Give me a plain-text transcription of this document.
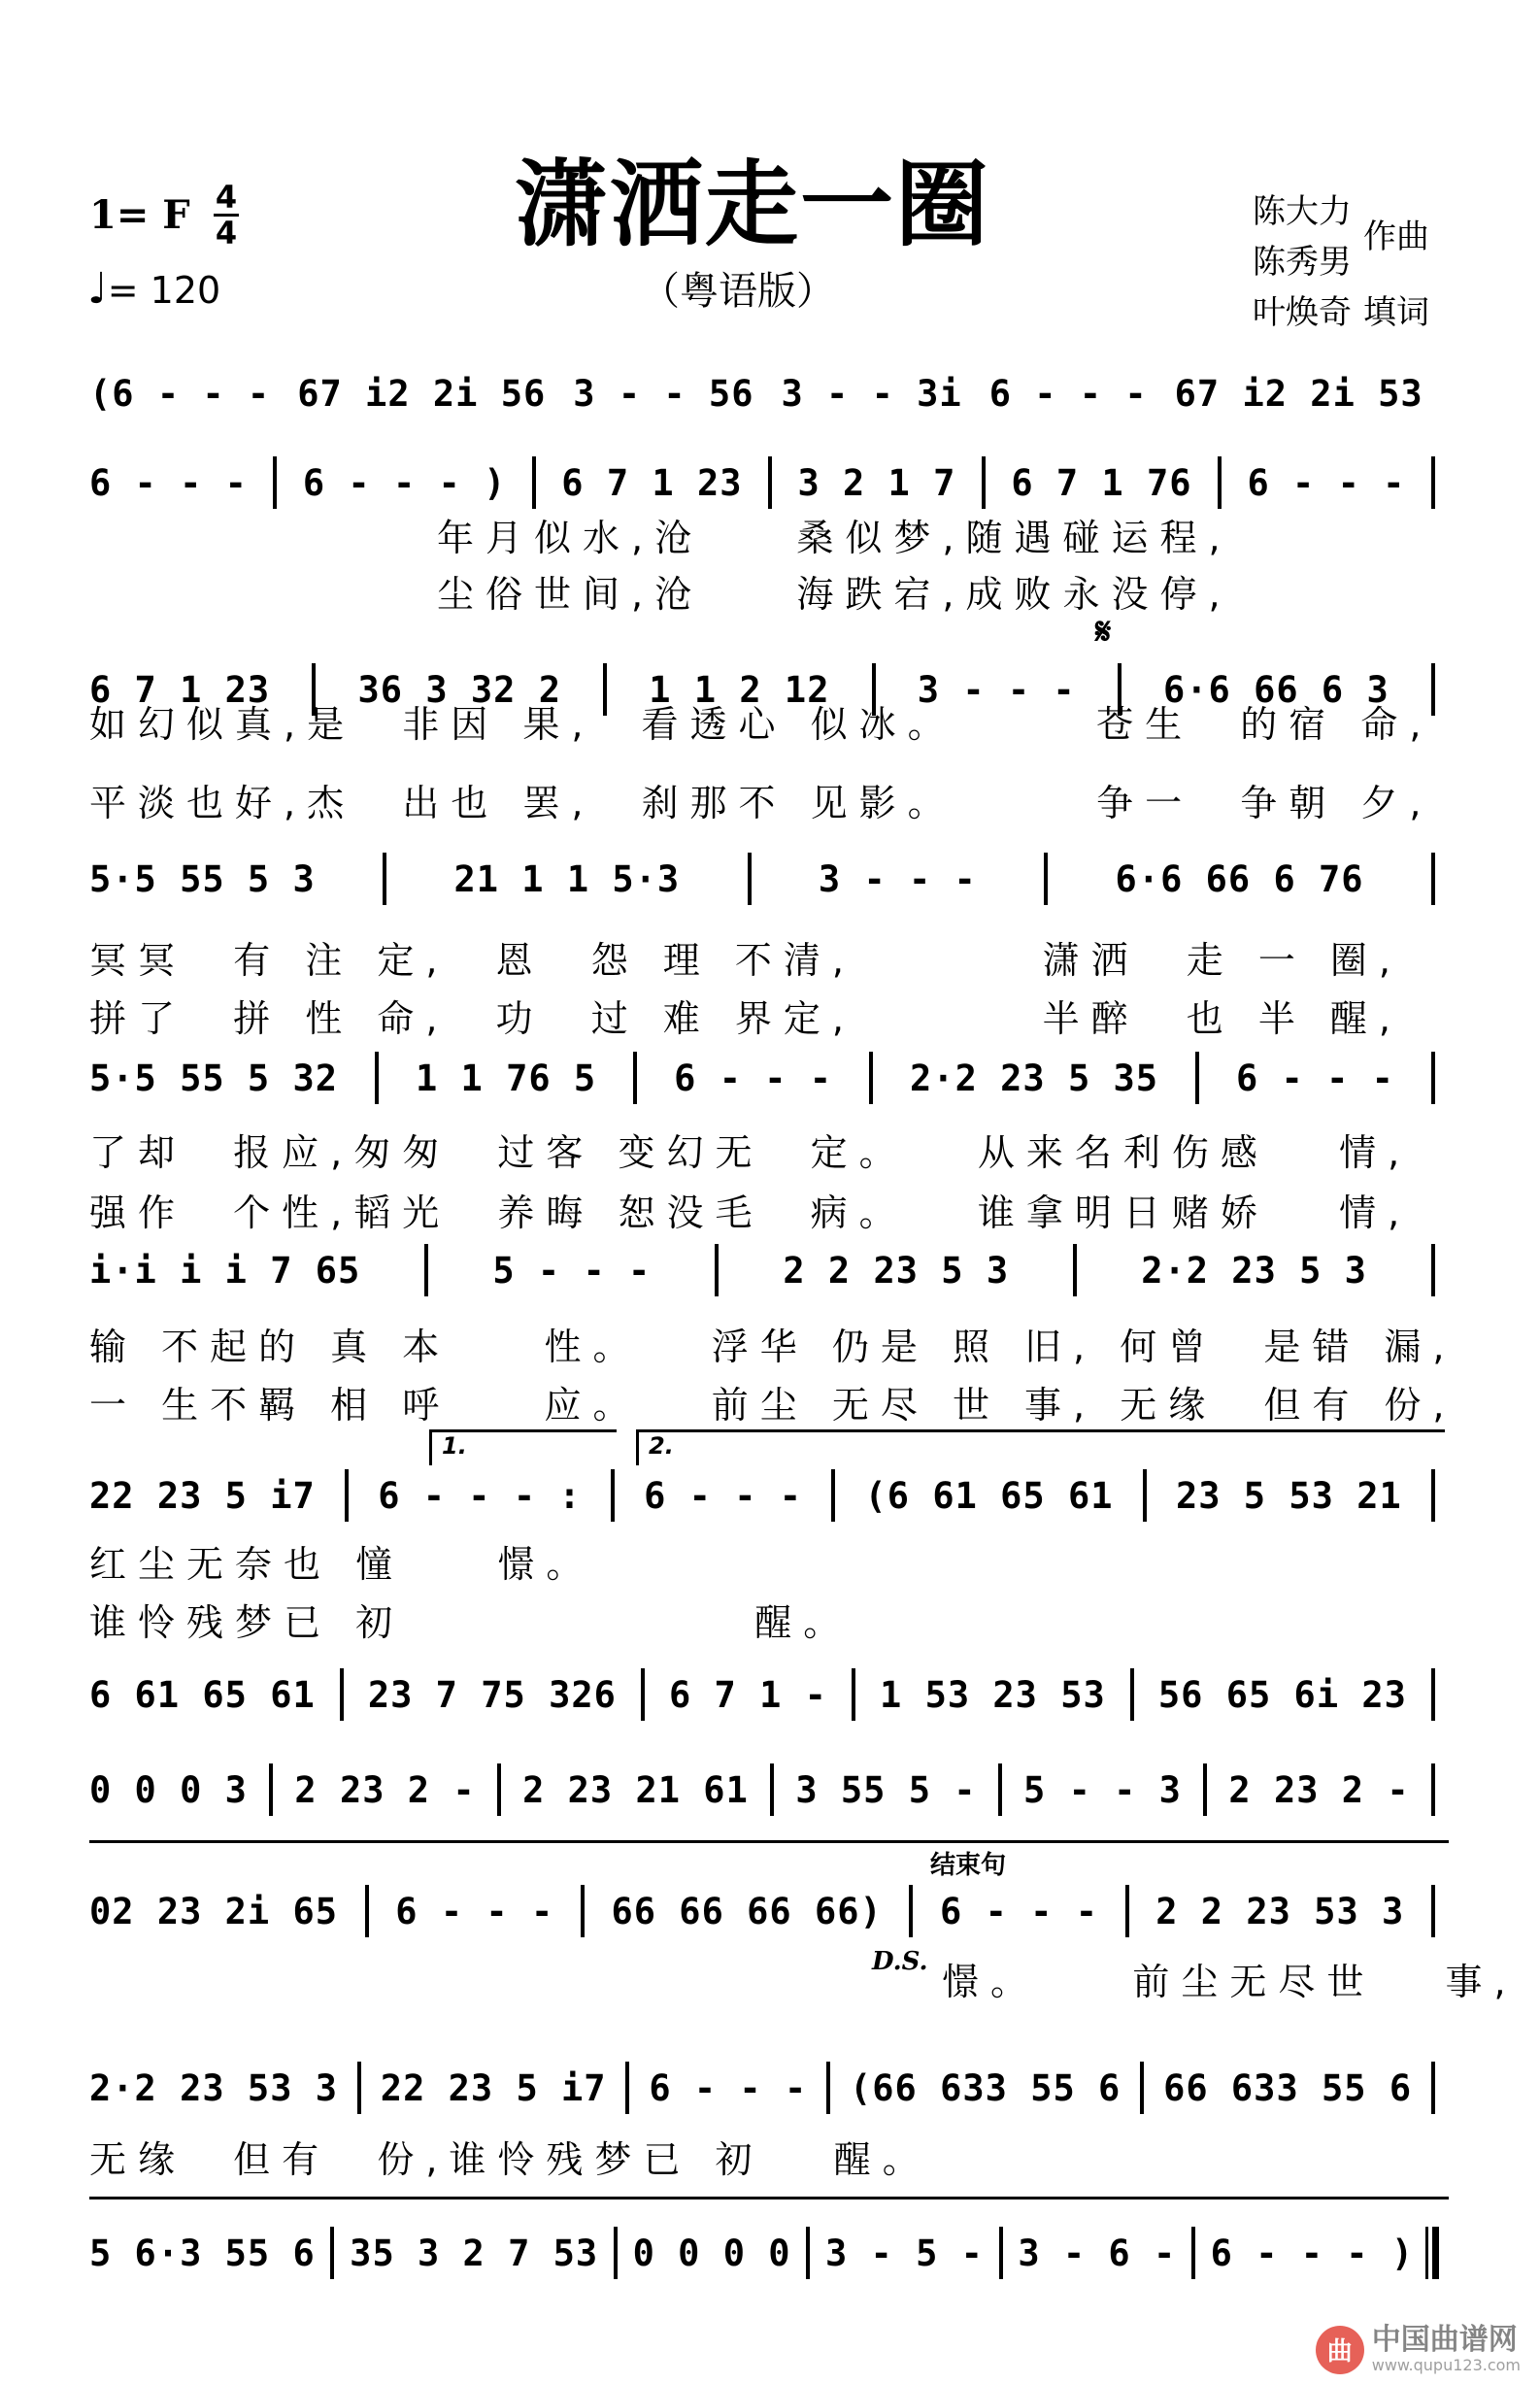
1= F 4
4
♩= 120
潇洒走一圈
（粤语版）
陈大力
陈秀男
作曲
叶焕奇 填词
(6 - - - 67 i2 2i 56 3 - - 56 3 - - 3i 6 - - - 67 i2 2i 53
6 - - - 6 - - - ) 6 7 1 23 3 2 1 7 6 7 1 76 6 - - -
年月似水,沧    桑似梦,随遇碰运程,
尘俗世间,沧    海跌宕,成败永没停,
6 7 1 23 36 3 32 2 1 1 2 12 3 - - - 6·6 66 6 3
如幻似真,是  非因 果,  看透心 似冰。      苍生  的宿 命,
平淡也好,杰  出也 罢,  刹那不 见影。      争一  争朝 夕,
5·5 55 5 3	21 1 1 5·3	3 - - -	6·6 66 6 76
冥冥  有 注 定,  恩  怨 理 不清,        潇洒  走 一 圈,
拼了  拼 性 命,  功  过 难 界定,        半醉  也 半 醒,
5·5 55 5 32 1 1 76 5 6 - - - 2·2 23 5 35 6 - - -
了却  报应,匆匆  过客 变幻无  定。   从来名利伤感   情,
强作  个性,韬光  养晦 恕没毛  病。   谁拿明日赌娇   情,
i·i i i 7 65	5 - - -	2 2 23 5 3	2·2 23 5 3
输 不起的 真 本    性。   浮华 仍是 照 旧, 何曾  是错 漏,
一 生不羁 相 呼    应。   前尘 无尽 世 事, 无缘  但有 份,
22 23 5 i7 6 - - - : 6 - - - (6 61 65 61 23 5 53 21
红尘无奈也 憧    憬。
谁怜残梦已 初               醒。
6 61 65 61 23 7 75 326 6 7 1 - 1 53 23 53 56 65 6i 23
0 0 0 3 2 23 2 - 2 23 21 61 3 55 5 - 5 - - 3 2 23 2 -
02 23 2i 65 6 - - - 66 66 66 66) 6 - - - 2 2 23 53 3
憬。    前尘无尽世   事,
2·2 23 53 3 22 23 5 i7 6 - - - (66 633 55 6 66 633 55 6
无缘  但有  份,谁怜残梦已 初   醒。
5 6·3 55 6 35 3 2 7 53 0 0 0 0 3 - 5 - 3 - 6 - 6 - - - )
1.	2.
𝄋
D.S.
结束句
曲 中国曲谱网
www.qupu123.com
